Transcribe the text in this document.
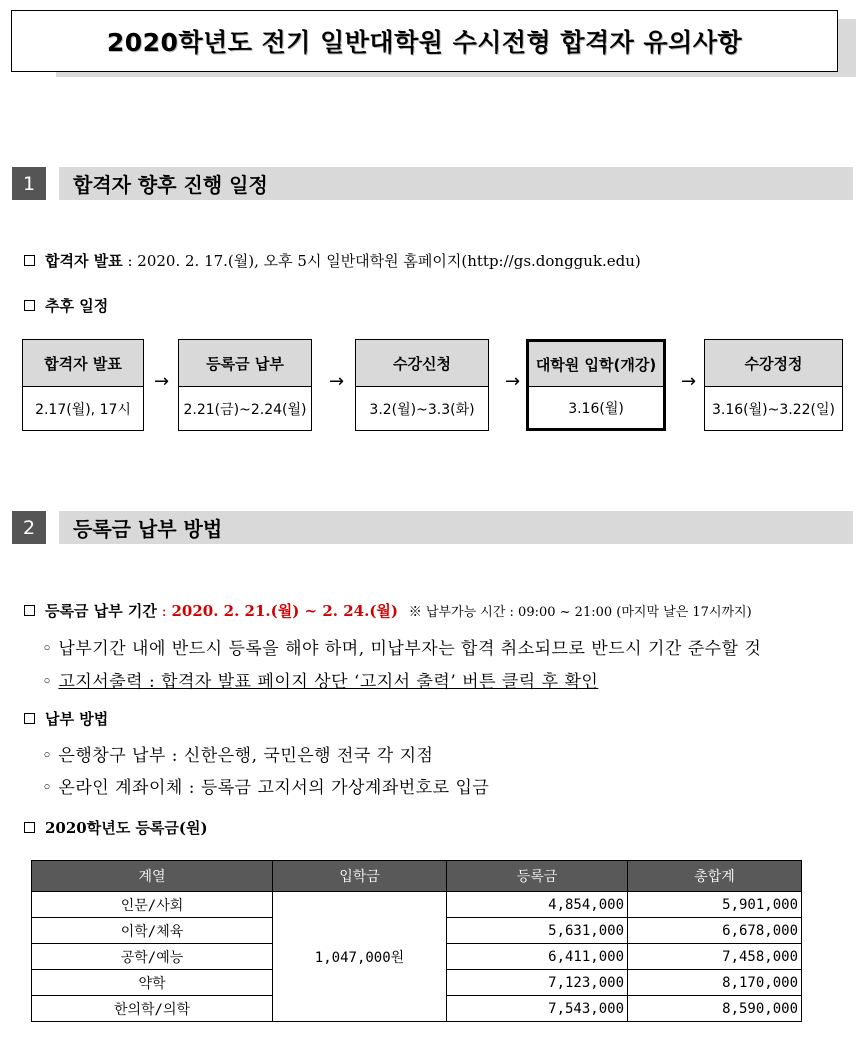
2020학년도 전기 일반대학원 수시전형 합격자 유의사항
1	합격자 향후 진행 일정
합격자 발표 : 2020. 2. 17.(월), 오후 5시 일반대학원 홈페이지(http://gs.dongguk.edu)
추후 일정
합격자 발표
2.17(월), 17시
→
등록금 납부
2.21(금)~2.24(월)
→
수강신청
3.2(월)~3.3(화)
→
대학원 입학(개강)
3.16(월)
→
수강정정
3.16(월)~3.22(일)
2	등록금 납부 방법
등록금 납부 기간 : 2020. 2. 21.(월) ~ 2. 24.(월) ※ 납부가능 시간 : 09:00 ~ 21:00 (마지막 날은 17시까지)
◦ 납부기간 내에 반드시 등록을 해야 하며, 미납부자는 합격 취소되므로 반드시 기간 준수할 것
◦ 고지서출력 : 합격자 발표 페이지 상단 ‘고지서 출력’ 버튼 클릭 후 확인
납부 방법
◦ 은행창구 납부 : 신한은행, 국민은행 전국 각 지점
◦ 온라인 계좌이체 : 등록금 고지서의 가상계좌번호로 입금
2020학년도 등록금(원)
계열	입학금	등록금	총합계
인문/사회	1,047,000원	4,854,000	5,901,000
이학/체육		5,631,000	6,678,000
공학/예능		6,411,000	7,458,000
약학		7,123,000	8,170,000
한의학/의학		7,543,000	8,590,000
